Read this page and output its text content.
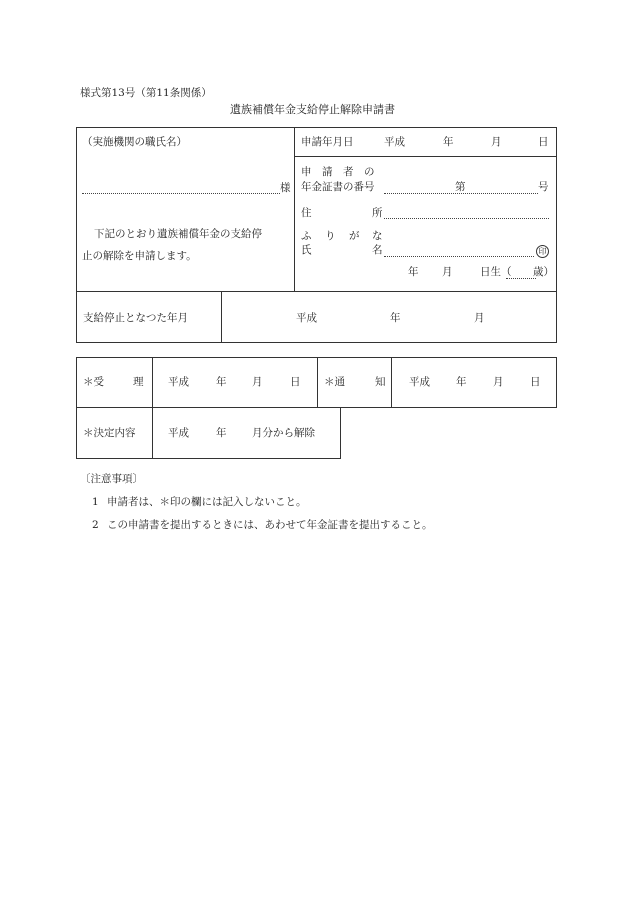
様式第13号（第11条関係）
遺族補償年金支給停止解除申請書
（実施機関の職氏名）
様
下記のとおり遺族補償年金の支給停
止の解除を申請します。
申請年月日	平成	年	月	日
申　請　者　の
年金証書の番号	第	号
住	所
ふ り が な
氏	名	印
年 月	日生（ 歳）
支給停止となつた年月	平成	年	月
＊受	理 平成	年 月	日 ＊通	知 平成 年	月	日
＊決定内容	平成	年 月分から解除
〔注意事項〕
1 申請者は、＊印の欄には記入しないこと。
2 この申請書を提出するときには、あわせて年金証書を提出すること。
